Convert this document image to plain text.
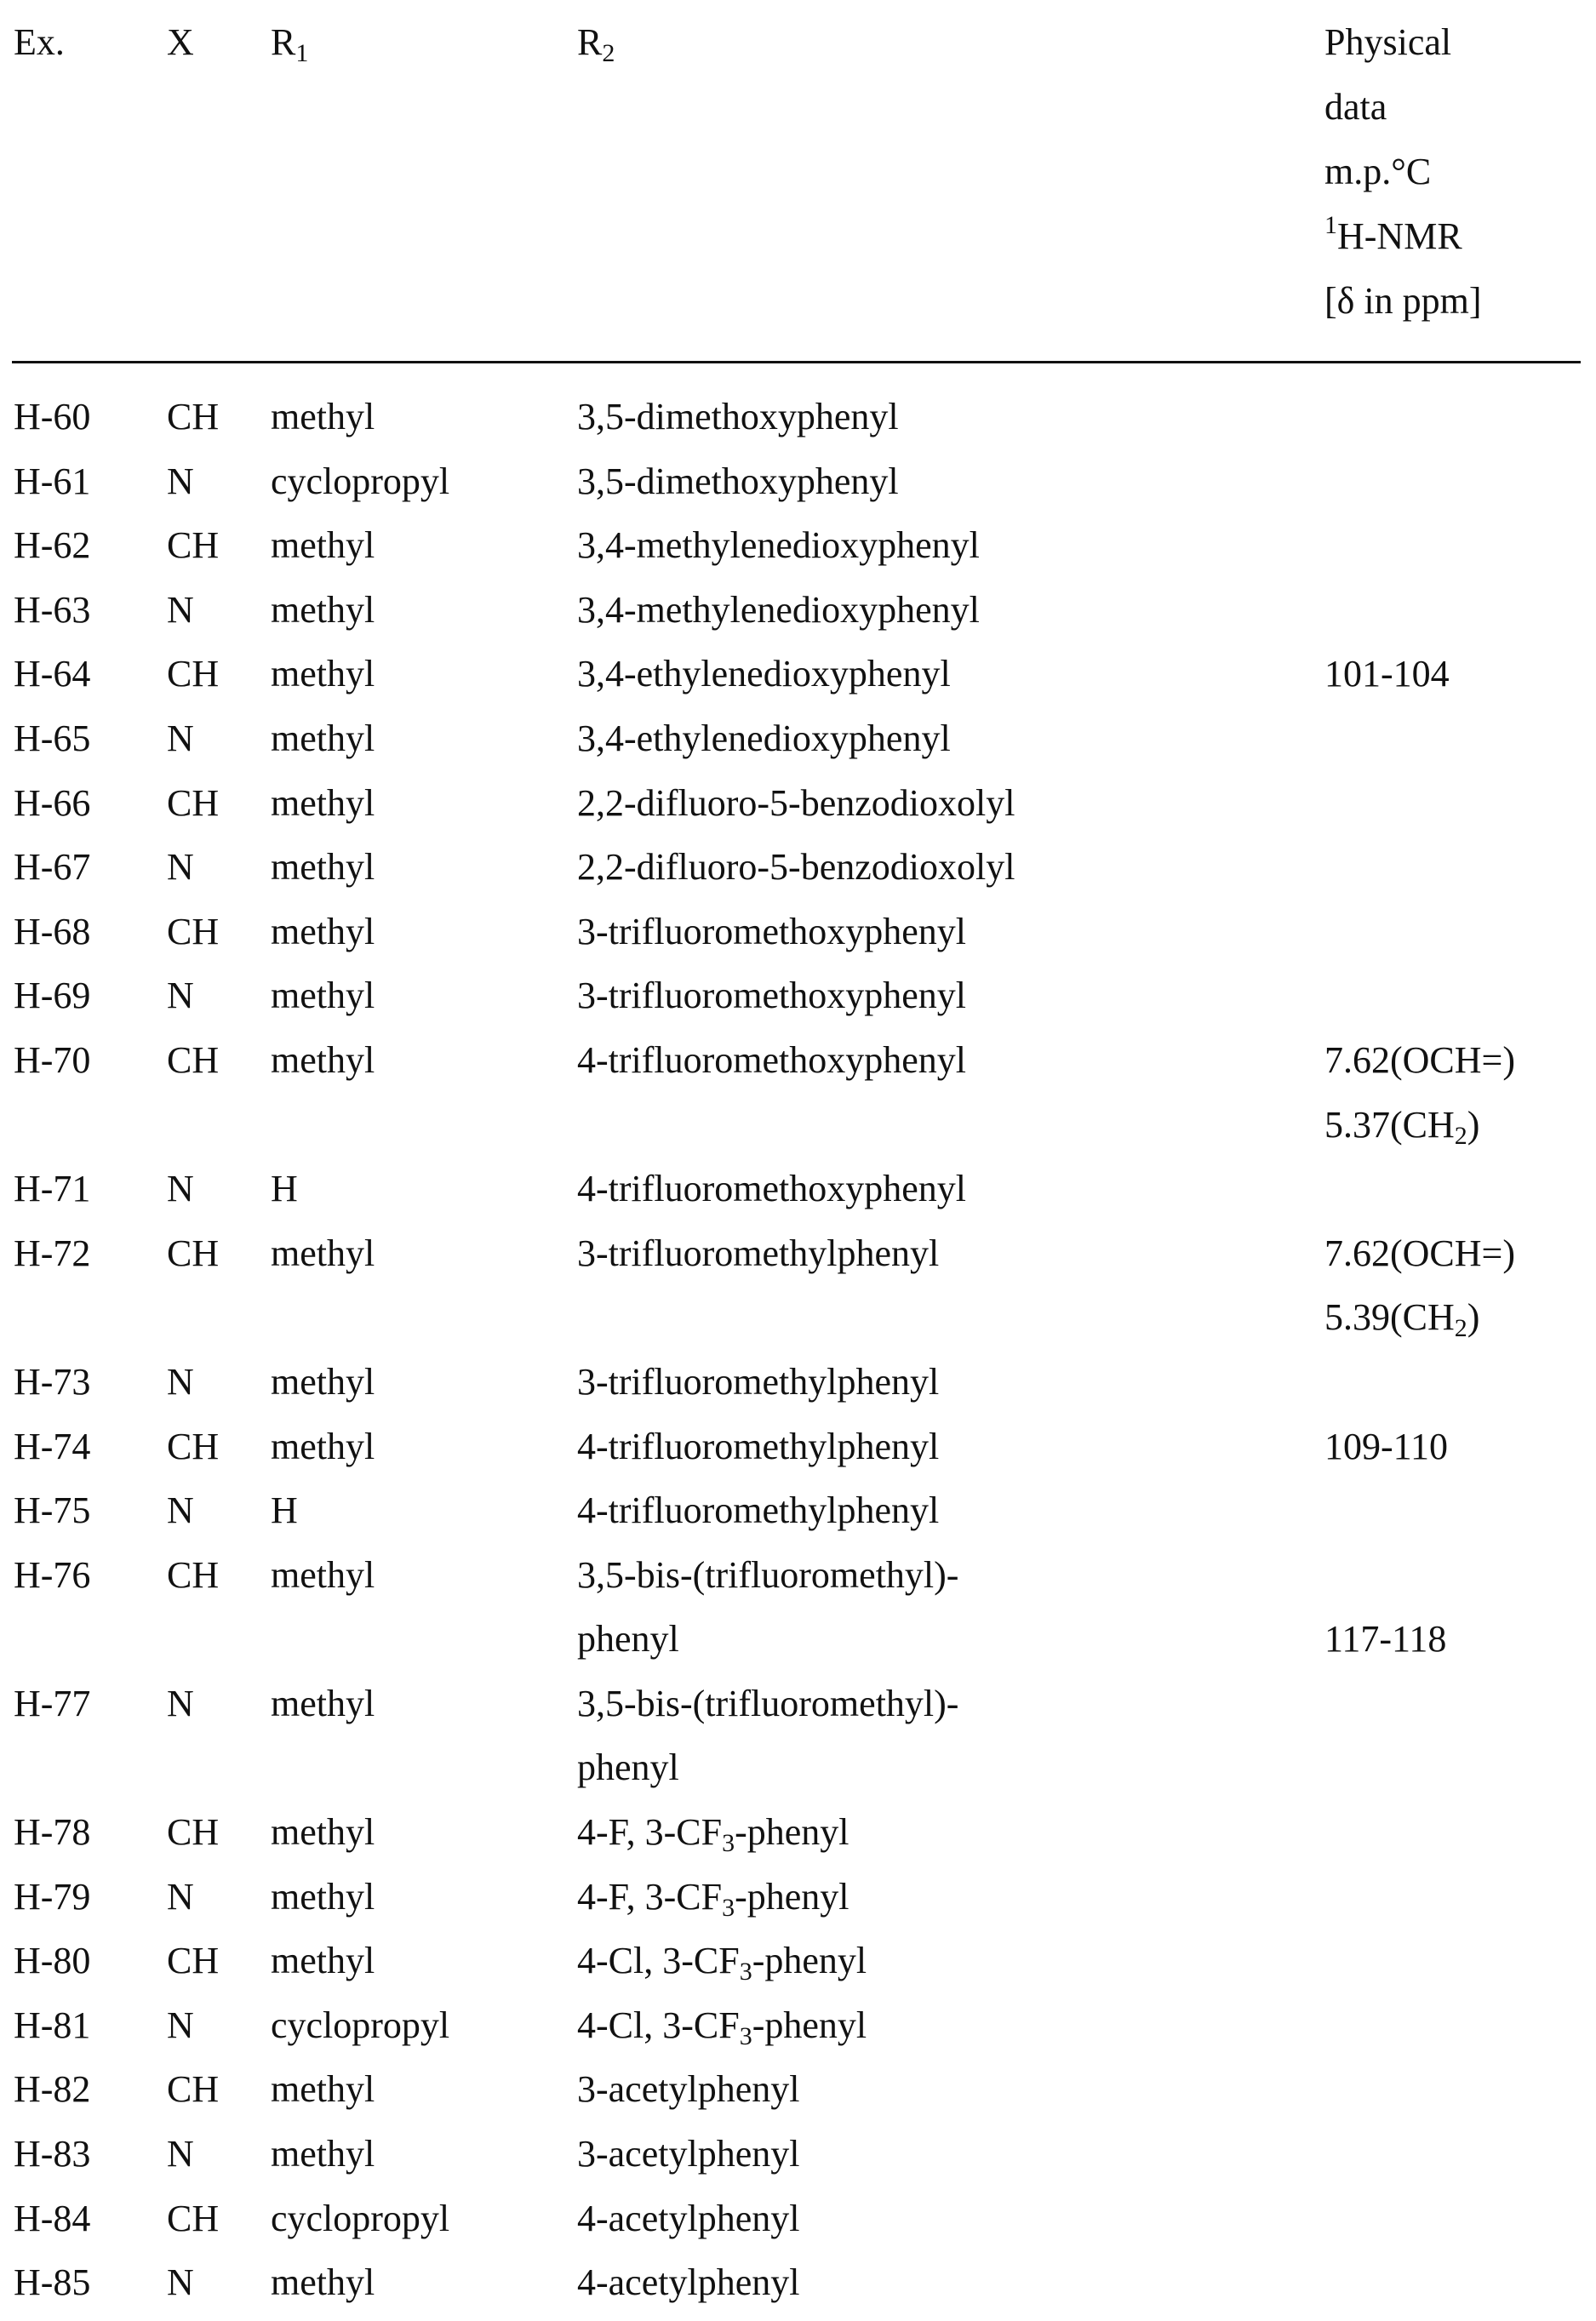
Ex.	X $R_1$	$R_2$	Physical
data
m.p.°C
$^1$H-NMR
[δ in ppm]
H-60 CH methyl	3,5-dimethoxyphenyl
H-61 N cyclopropyl	3,5-dimethoxyphenyl
H-62 CH methyl	3,4-methylenedioxyphenyl
H-63 N methyl	3,4-methylenedioxyphenyl
H-64 CH methyl	3,4-ethylenedioxyphenyl	101-104
H-65 N methyl	3,4-ethylenedioxyphenyl
H-66 CH methyl	2,2-difluoro-5-benzodioxolyl
H-67 N methyl	2,2-difluoro-5-benzodioxolyl
H-68 CH methyl	3-trifluoromethoxyphenyl
H-69 N methyl	3-trifluoromethoxyphenyl
H-70 CH methyl	4-trifluoromethoxyphenyl	7.62(OCH=)
$5.37(CH_2)$
H-71 N H	4-trifluoromethoxyphenyl
H-72 CH methyl	3-trifluoromethylphenyl	7.62(OCH=)
$5.39(CH_2)$
H-73 N methyl	3-trifluoromethylphenyl
H-74 CH methyl	4-trifluoromethylphenyl	109-110
H-75 N H	4-trifluoromethylphenyl
H-76 CH methyl	3,5-bis-(trifluoromethyl)-
phenyl	117-118
H-77 N methyl	3,5-bis-(trifluoromethyl)-
phenyl
H-78 CH methyl	4-F, $3-CF_3$-phenyl
H-79 N methyl	4-F, $3-CF_3$-phenyl
H-80 CH methyl	4-Cl, $3-CF_3$-phenyl
H-81 N cyclopropyl	4-Cl, $3-CF_3$-phenyl
H-82 CH methyl	3-acetylphenyl
H-83 N methyl	3-acetylphenyl
H-84 CH cyclopropyl	4-acetylphenyl
H-85 N methyl	4-acetylphenyl
